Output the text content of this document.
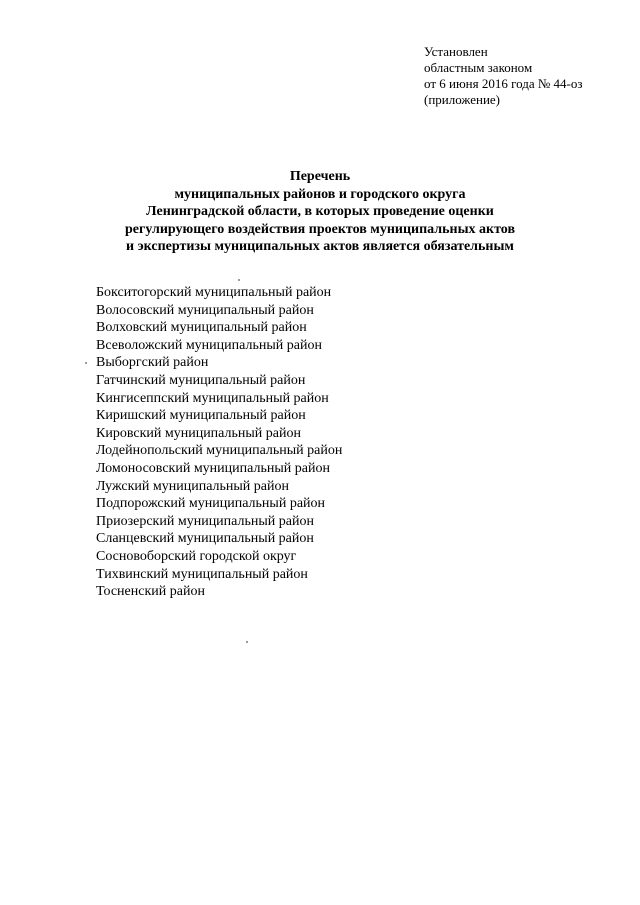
Установлен
областным законом
от 6 июня 2016 года № 44-оз
(приложение)
Перечень
муниципальных районов и городского округа
Ленинградской области, в которых проведение оценки
регулирующего воздействия проектов муниципальных актов
и экспертизы муниципальных актов является обязательным
Бокситогорский муниципальный район
Волосовский муниципальный район
Волховский муниципальный район
Всеволожский муниципальный район
Выборгский район
Гатчинский муниципальный район
Кингисеппский муниципальный район
Киришский муниципальный район
Кировский муниципальный район
Лодейнопольский муниципальный район
Ломоносовский муниципальный район
Лужский муниципальный район
Подпорожский муниципальный район
Приозерский муниципальный район
Сланцевский муниципальный район
Сосновоборский городской округ
Тихвинский муниципальный район
Тосненский район
